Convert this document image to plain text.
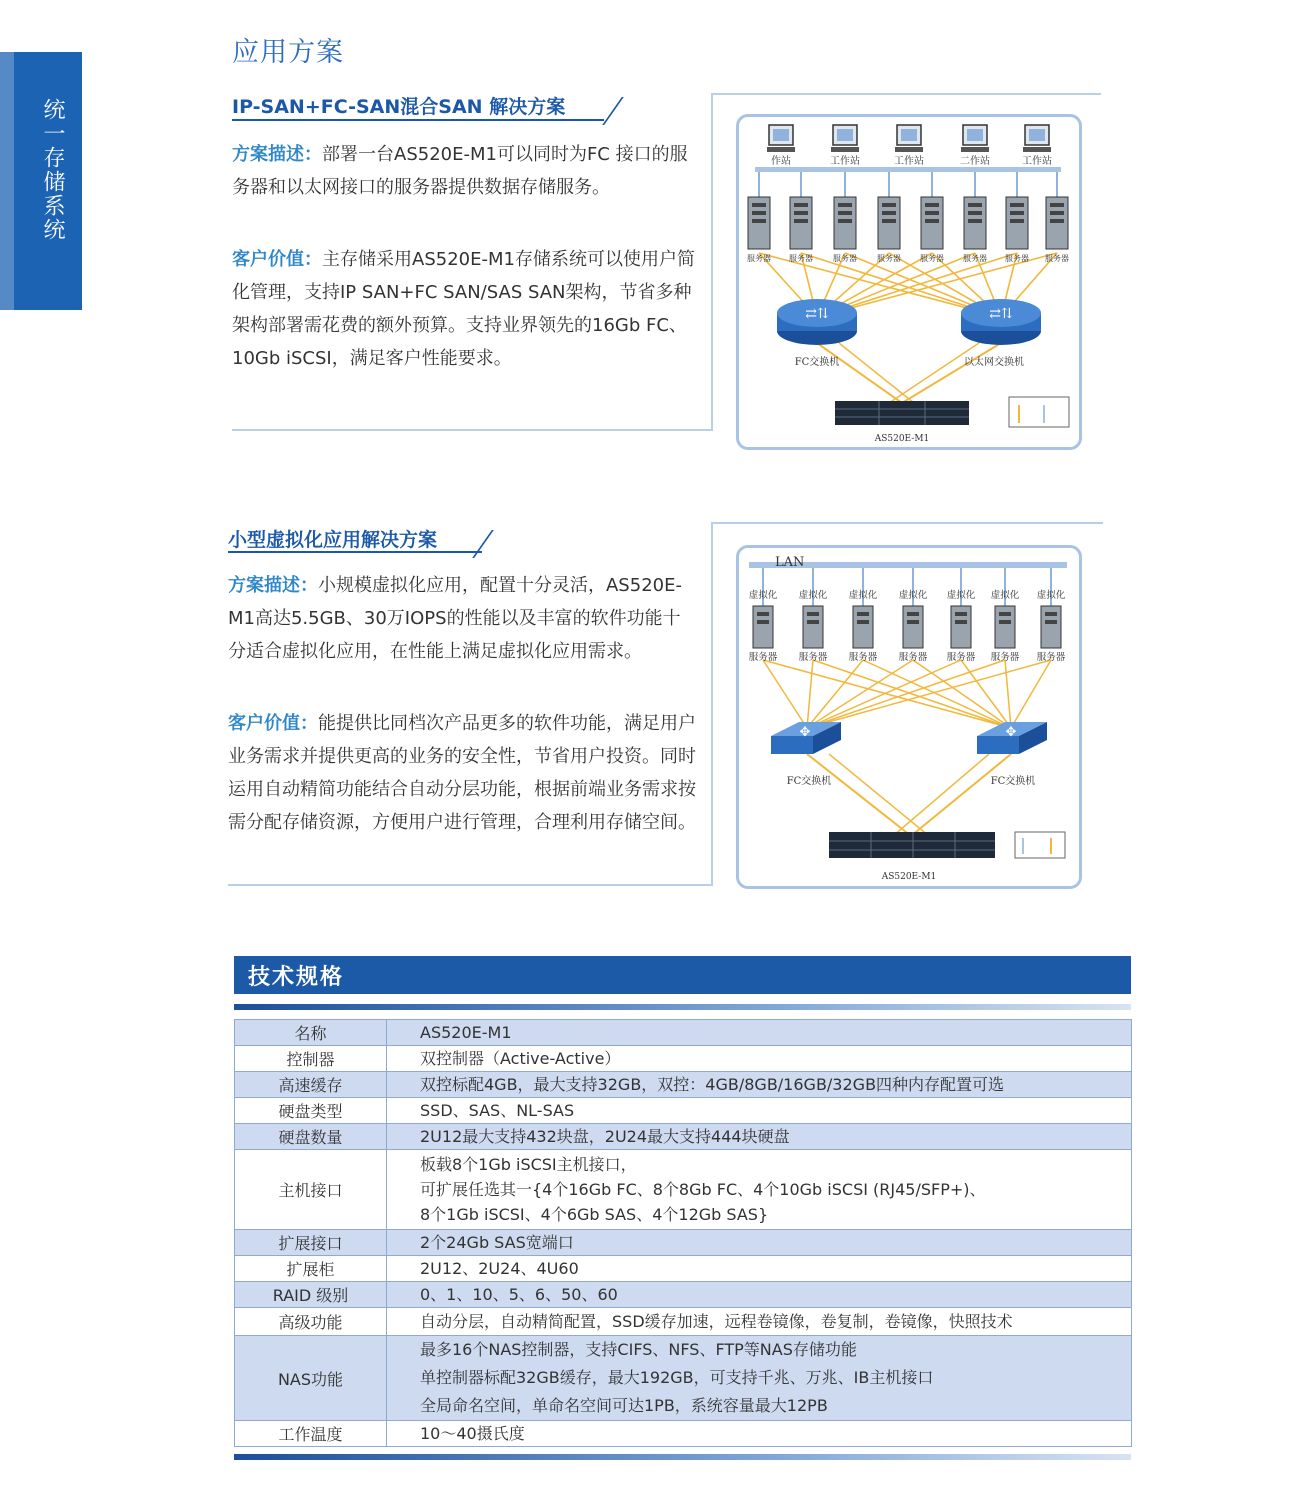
统一存储系统
应用方案
IP-SAN+FC-SAN混合SAN 解决方案
方案描述：部署一台AS520E-M1可以同时为FC 接口的服务器和以太网接口的服务器提供数据存储服务。
客户价值：主存储采用AS520E-M1存储系统可以使用户简化管理，支持IP SAN+FC SAN/SAS SAN架构，节省多种架构部署需花费的额外预算。支持业界领先的16Gb FC、10Gb iSCSI，满足客户性能要求。
作站	工作站	工作站	二作站	工作站
服务器 服务器	服务器	服务器 服务器 服务器 服务器 服务器
⇄⇅
FC交换机
⇄⇅
以太网交换机
AS520E-M1
小型虚拟化应用解决方案
方案描述：小规模虚拟化应用，配置十分灵活，AS520E-M1高达5.5GB、30万IOPS的性能以及丰富的软件功能十分适合虚拟化应用，在性能上满足虚拟化应用需求。
客户价值：能提供比同档次产品更多的软件功能，满足用户业务需求并提供更高的业务的安全性，节省用户投资。同时运用自动精简功能结合自动分层功能，根据前端业务需求按需分配存储资源，方便用户进行管理，合理利用存储空间。
LAN
虚拟化
服务器
虚拟化
服务器
虚拟化
服务器
虚拟化
服务器
虚拟化
服务器
虚拟化
服务器
虚拟化
服务器
✥
FC交换机
✥
FC交换机
AS520E-M1
技术规格
名称	AS520E-M1

控制器	双控制器（Active-Active）

高速缓存	双控标配4GB，最大支持32GB，双控：4GB/8GB/16GB/32GB四种内存配置可选

硬盘类型	SSD、SAS、NL-SAS

硬盘数量	2U12最大支持432块盘，2U24最大支持444块硬盘

主机接口	板载8个1Gb iSCSI主机接口，
可扩展任选其一{4个16Gb FC、8个8Gb FC、4个10Gb iSCSI (RJ45/SFP+)、
8个1Gb iSCSI、4个6Gb SAS、4个12Gb SAS}

扩展接口	2个24Gb SAS宽端口

扩展柜	2U12、2U24、4U60

RAID 级别	0、1、10、5、6、50、60

高级功能	自动分层，自动精简配置，SSD缓存加速，远程卷镜像，卷复制，卷镜像，快照技术

NAS功能	最多16个NAS控制器，支持CIFS、NFS、FTP等NAS存储功能
单控制器标配32GB缓存，最大192GB，可支持千兆、万兆、IB主机接口
全局命名空间，单命名空间可达1PB，系统容量最大12PB

工作温度	10～40摄氏度
